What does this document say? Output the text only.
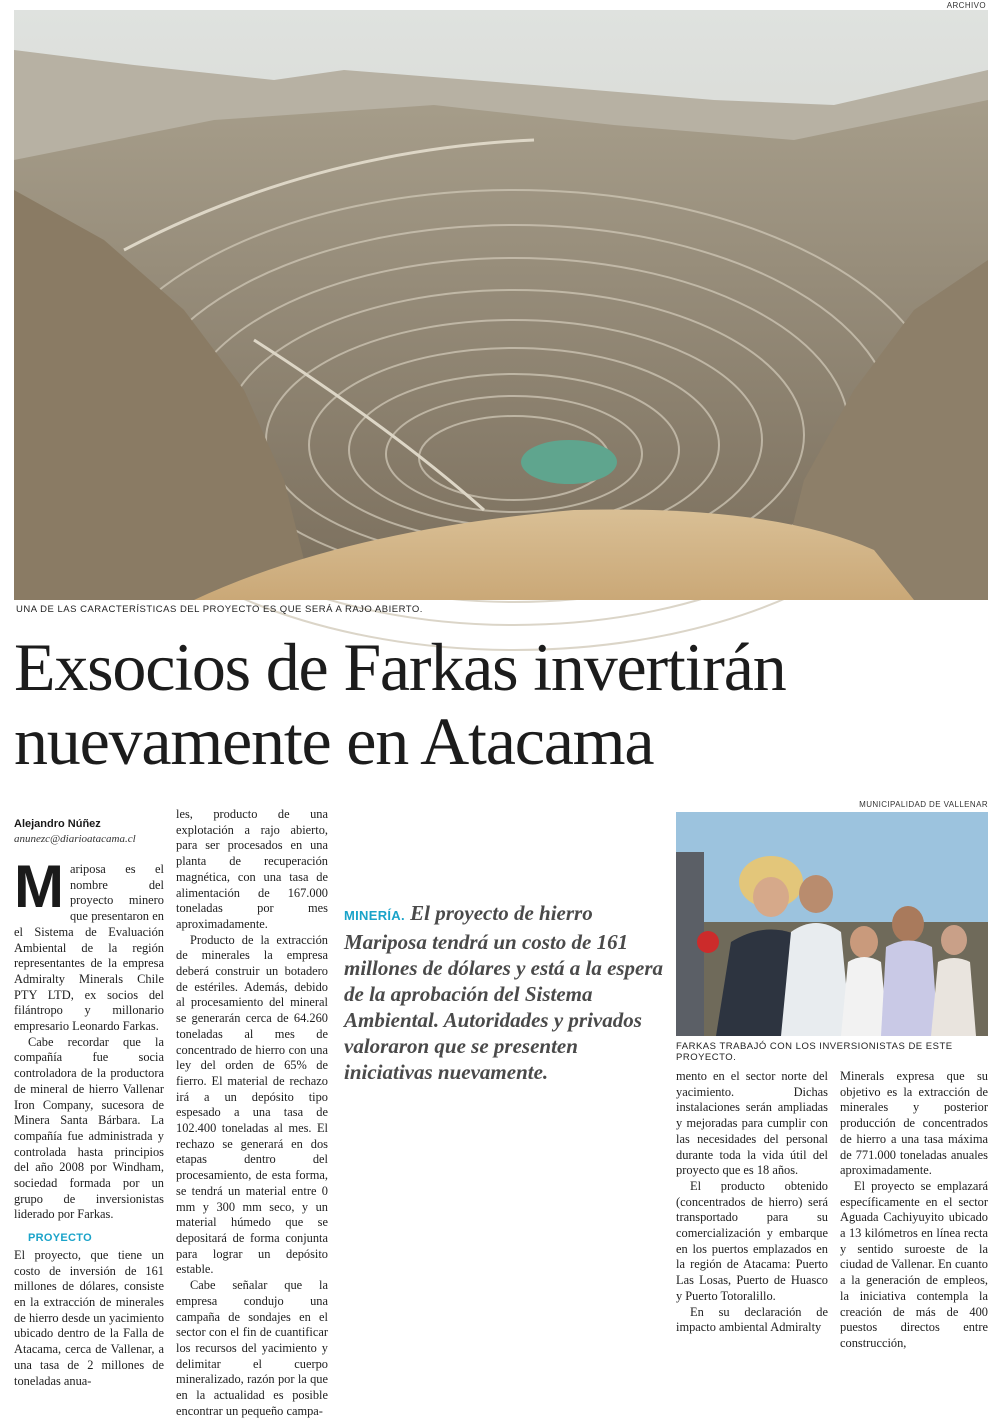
ARCHIVO
UNA DE LAS CARACTERÍSTICAS DEL PROYECTO ES QUE SERÁ A RAJO ABIERTO.
Exsocios de Farkas invertirán
nuevamente en Atacama
Alejandro Núñez
anunezc@diarioatacama.cl

Mariposa es el nombre del proyecto minero que presentaron en el Sistema de Evaluación Ambiental de la región representantes de la empresa Admiralty Minerals Chile PTY LTD, ex socios del filántropo y millonario empresario Leonardo Farkas.

Cabe recordar que la compañía fue socia controladora de la productora de mineral de hierro Vallenar Iron Company, sucesora de Minera Santa Bárbara. La compañía fue administrada y controlada hasta principios del año 2008 por Windham, sociedad formada por un grupo de inversionistas liderado por Farkas.

PROYECTO

El proyecto, que tiene un costo de inversión de 161 millones de dólares, consiste en la extracción de minerales de hierro desde un yacimiento ubicado dentro de la Falla de Atacama, cerca de Vallenar, a una tasa de 2 millones de toneladas anua-

les, producto de una explotación a rajo abierto, para ser procesados en una planta de recuperación magnética, con una tasa de alimentación de 167.000 toneladas por mes aproximadamente.

Producto de la extracción de minerales la empresa deberá construir un botadero de estériles. Además, debido al procesamiento del mineral se generarán cerca de 64.260 toneladas al mes de concentrado de hierro con una ley del orden de 65% de fierro. El material de rechazo irá a un depósito tipo espesado a una tasa de 102.400 toneladas al mes. El rechazo se generará en dos etapas dentro del procesamiento, de esta forma, se tendrá un material entre 0 mm y 300 mm seco, y un material húmedo que se depositará de forma conjunta para lograr un depósito estable.

Cabe señalar que la empresa condujo una campaña de sondajes en el sector con el fin de cuantificar los recursos del yacimiento y delimitar el cuerpo mineralizado, razón por la que en la actualidad es posible encontrar un pequeño campa-

MINERÍA. El proyecto de hierro Mariposa tendrá un costo de 161 millones de dólares y está a la espera de la aprobación del Sistema Ambiental. Autoridades y privados valoraron que se presenten iniciativas nuevamente.
MUNICIPALIDAD DE VALLENAR
FARKAS TRABAJÓ CON LOS INVERSIONISTAS DE ESTE PROYECTO.

mento en el sector norte del yacimiento. Dichas instalaciones serán ampliadas y mejoradas para cumplir con las necesidades del personal durante toda la vida útil del proyecto que es 18 años.

El producto obtenido (concentrados de hierro) será transportado para su comercialización y embarque en los puertos emplazados en la región de Atacama: Puerto Las Losas, Puerto de Huasco y Puerto Totoralillo.

En su declaración de impacto ambiental Admiralty

Minerals expresa que su objetivo es la extracción de minerales y posterior producción de concentrados de hierro a una tasa máxima de 771.000 toneladas anuales aproximadamente.

El proyecto se emplazará específicamente en el sector Aguada Cachiyuyito ubicado a 13 kilómetros en línea recta y sentido suroeste de la ciudad de Vallenar. En cuanto a la generación de empleos, la iniciativa contempla la creación de más de 400 puestos directos entre construcción,
